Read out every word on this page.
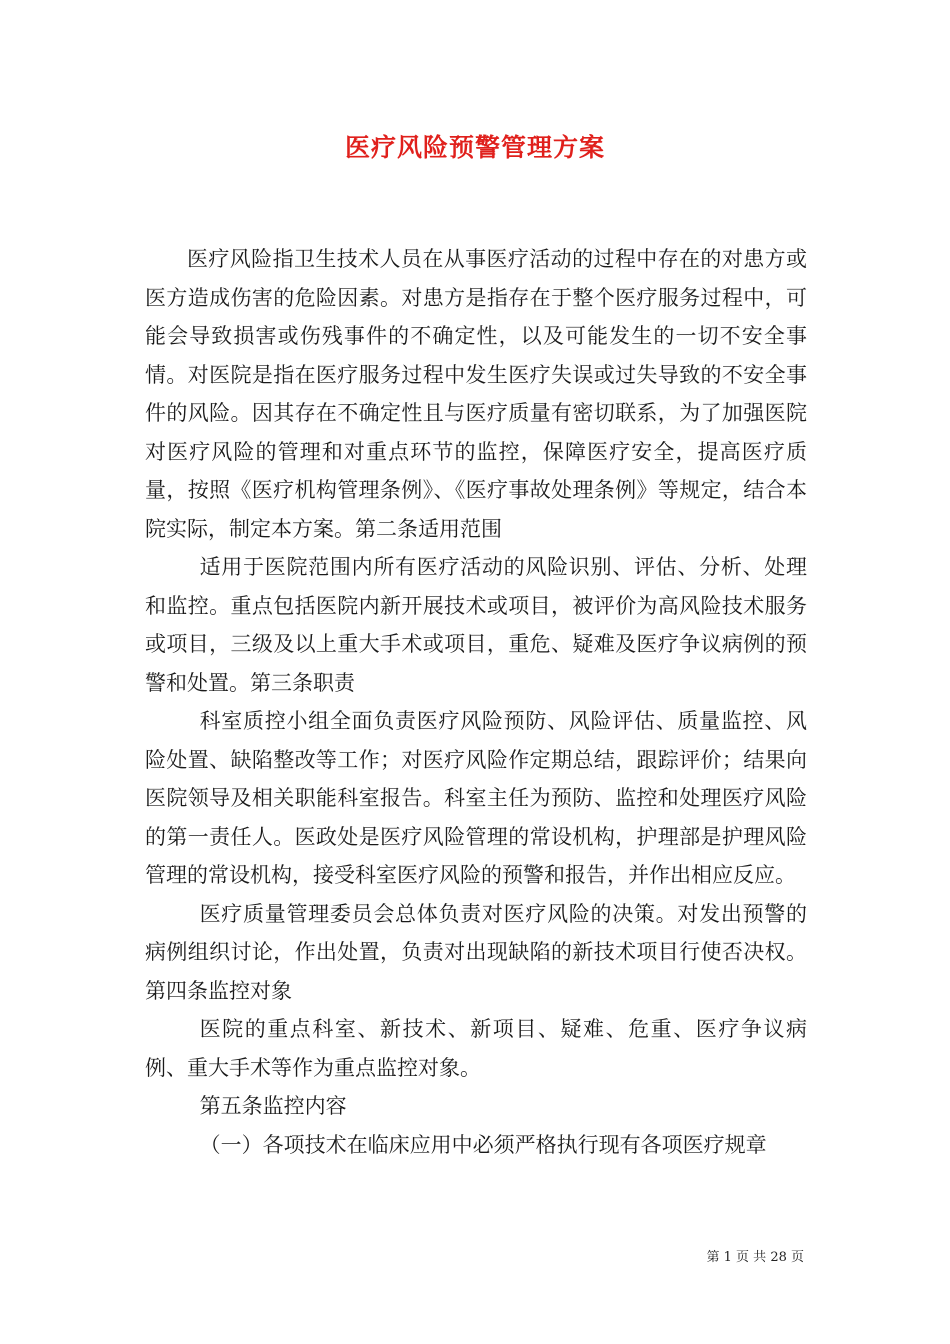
医疗风险预警管理方案

医疗风险指卫生技术人员在从事医疗活动的过程中存在的对患方或医方造成伤害的危险因素。对患方是指存在于整个医疗服务过程中，可能会导致损害或伤残事件的不确定性，以及可能发生的一切不安全事情。对医院是指在医疗服务过程中发生医疗失误或过失导致的不安全事件的风险。因其存在不确定性且与医疗质量有密切联系，为了加强医院对医疗风险的管理和对重点环节的监控，保障医疗安全，提高医疗质量，按照《医疗机构管理条例》、《医疗事故处理条例》等规定，结合本院实际，制定本方案。第二条适用范围

适用于医院范围内所有医疗活动的风险识别、评估、分析、处理和监控。重点包括医院内新开展技术或项目，被评价为高风险技术服务或项目，三级及以上重大手术或项目，重危、疑难及医疗争议病例的预警和处置。第三条职责

科室质控小组全面负责医疗风险预防、风险评估、质量监控、风险处置、缺陷整改等工作；对医疗风险作定期总结，跟踪评价；结果向医院领导及相关职能科室报告。科室主任为预防、监控和处理医疗风险的第一责任人。医政处是医疗风险管理的常设机构，护理部是护理风险管理的常设机构，接受科室医疗风险的预警和报告，并作出相应反应。

医疗质量管理委员会总体负责对医疗风险的决策。对发出预警的病例组织讨论，作出处置，负责对出现缺陷的新技术项目行使否决权。第四条监控对象

医院的重点科室、新技术、新项目、疑难、危重、医疗争议病例、重大手术等作为重点监控对象。

第五条监控内容

（一）各项技术在临床应用中必须严格执行现有各项医疗规章

第 1 页 共 28 页
